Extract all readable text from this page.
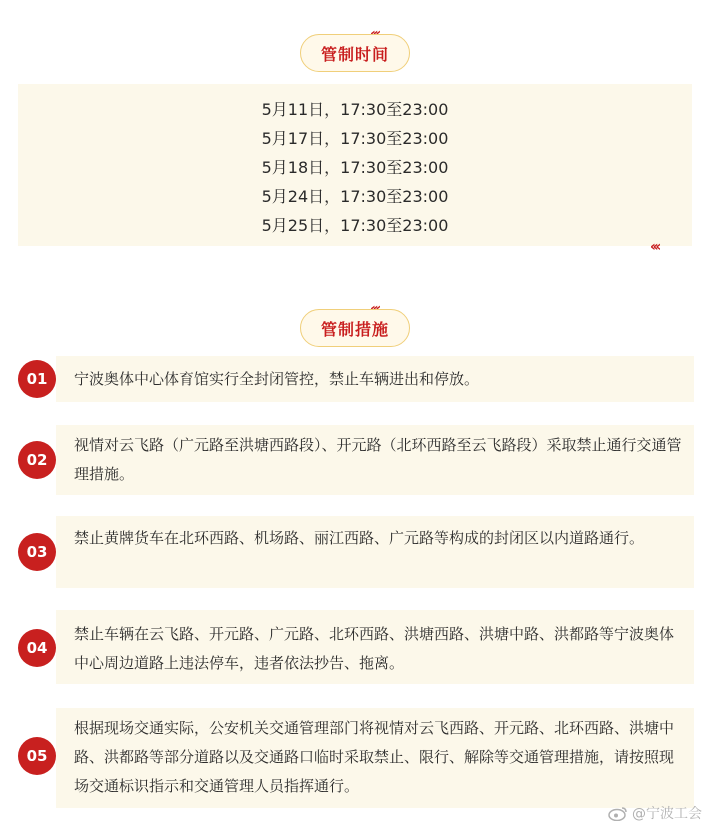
管制时间
5月11日，17:30至23:00
5月17日，17:30至23:00
5月18日，17:30至23:00
5月24日，17:30至23:00
5月25日，17:30至23:00
‹‹‹
管制措施
01	宁波奥体中心体育馆实行全封闭管控，禁止车辆进出和停放。
02
视情对云飞路（广元路至洪塘西路段）、开元路（北环西路至云飞路段）采取禁止通行交通管理措施。
03
禁止黄牌货车在北环西路、机场路、丽江西路、广元路等构成的封闭区以内道路通行。
04
禁止车辆在云飞路、开元路、广元路、北环西路、洪塘西路、洪塘中路、洪都路等宁波奥体中心周边道路上违法停车，违者依法抄告、拖离。
05
根据现场交通实际，公安机关交通管理部门将视情对云飞西路、开元路、北环西路、洪塘中路、洪都路等部分道路以及交通路口临时采取禁止、限行、解除等交通管理措施，请按照现场交通标识指示和交通管理人员指挥通行。
@宁波工会
